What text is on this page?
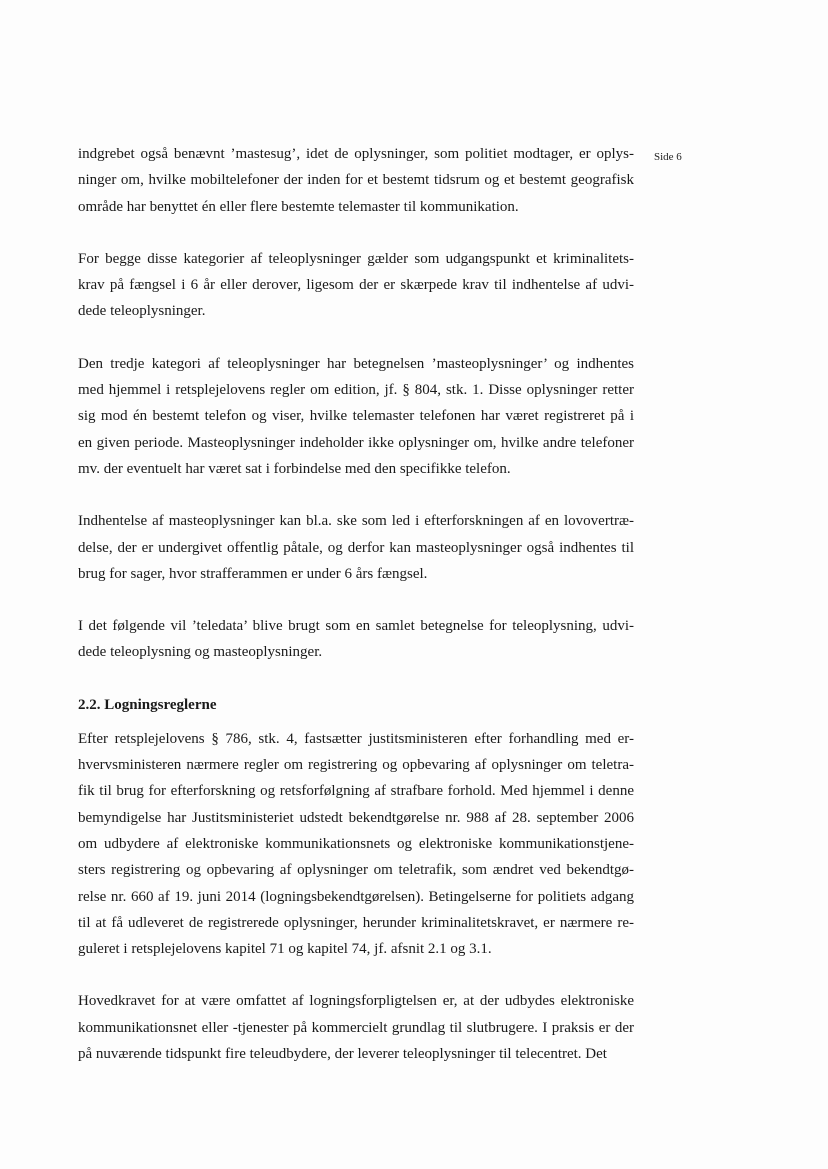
Side 6
indgrebet også benævnt ’mastesug’, idet de oplysninger, som politiet modtager, er oplys-
ninger om, hvilke mobiltelefoner der inden for et bestemt tidsrum og et bestemt geografisk
område har benyttet én eller flere bestemte telemaster til kommunikation.
For begge disse kategorier af teleoplysninger gælder som udgangspunkt et kriminalitets-
krav på fængsel i 6 år eller derover, ligesom der er skærpede krav til indhentelse af udvi-
dede teleoplysninger.
Den tredje kategori af teleoplysninger har betegnelsen ’masteoplysninger’ og indhentes
med hjemmel i retsplejelovens regler om edition, jf. § 804, stk. 1. Disse oplysninger retter
sig mod én bestemt telefon og viser, hvilke telemaster telefonen har været registreret på i
en given periode. Masteoplysninger indeholder ikke oplysninger om, hvilke andre telefoner
mv. der eventuelt har været sat i forbindelse med den specifikke telefon.
Indhentelse af masteoplysninger kan bl.a. ske som led i efterforskningen af en lovovertræ-
delse, der er undergivet offentlig påtale, og derfor kan masteoplysninger også indhentes til
brug for sager, hvor strafferammen er under 6 års fængsel.
I det følgende vil ’teledata’ blive brugt som en samlet betegnelse for teleoplysning, udvi-
dede teleoplysning og masteoplysninger.
2.2. Logningsreglerne
Efter retsplejelovens § 786, stk. 4, fastsætter justitsministeren efter forhandling med er-
hvervsministeren nærmere regler om registrering og opbevaring af oplysninger om teletra-
fik til brug for efterforskning og retsforfølgning af strafbare forhold. Med hjemmel i denne
bemyndigelse har Justitsministeriet udstedt bekendtgørelse nr. 988 af 28. september 2006
om udbydere af elektroniske kommunikationsnets og elektroniske kommunikationstjene-
sters registrering og opbevaring af oplysninger om teletrafik, som ændret ved bekendtgø-
relse nr. 660 af 19. juni 2014 (logningsbekendtgørelsen). Betingelserne for politiets adgang
til at få udleveret de registrerede oplysninger, herunder kriminalitetskravet, er nærmere re-
guleret i retsplejelovens kapitel 71 og kapitel 74, jf. afsnit 2.1 og 3.1.
Hovedkravet for at være omfattet af logningsforpligtelsen er, at der udbydes elektroniske
kommunikationsnet eller -tjenester på kommercielt grundlag til slutbrugere. I praksis er der
på nuværende tidspunkt fire teleudbydere, der leverer teleoplysninger til telecentret. Det
